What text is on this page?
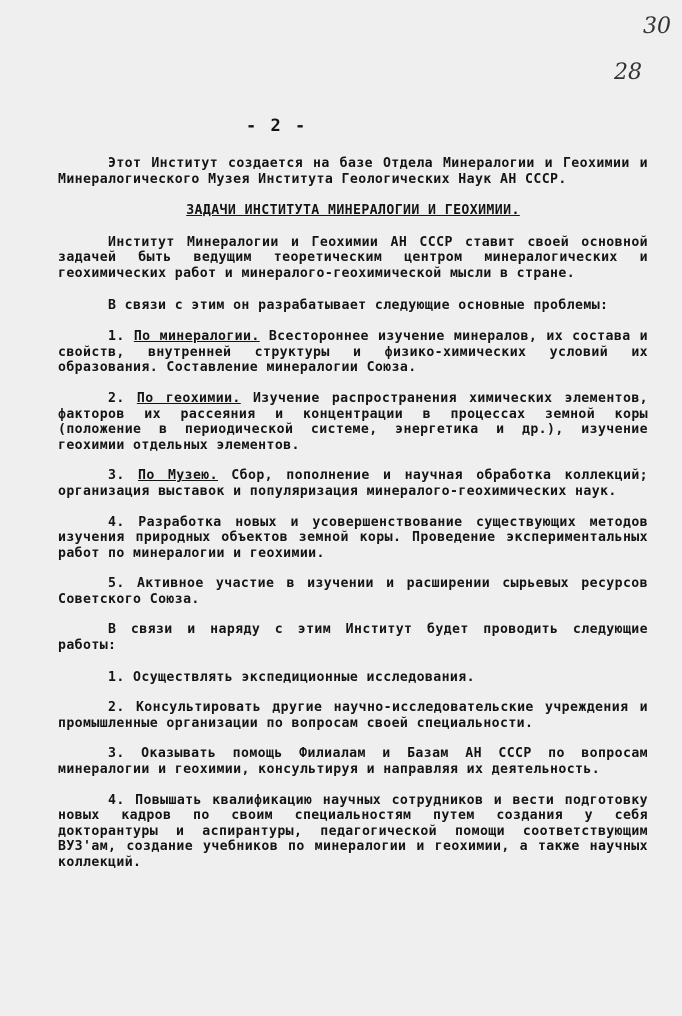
30
28
- 2 -

Этот Институт создается на базе Отдела Минералогии и Геохимии и Минералогического Музея Института Геологических Наук АН СССР.

ЗАДАЧИ ИНСТИТУТА МИНЕРАЛОГИИ И ГЕОХИМИИ.

Институт Минералогии и Геохимии АН СССР ставит своей основной задачей быть ведущим теоретическим центром минералогических и геохимических работ и минералого-геохимической мысли в стране.

В связи с этим он разрабатывает следующие основные проблемы:

1. По минералогии. Всестороннее изучение минералов, их состава и свойств, внутренней структуры и физико-химических условий их образования. Составление минералогии Союза.

2. По геохимии. Изучение распространения химических элементов, факторов их рассеяния и концентрации в процессах земной коры (положение в периодической системе, энергетика и др.), изучение геохимии отдельных элементов.

3. По Музею. Сбор, пополнение и научная обработка коллекций; организация выставок и популяризация минералого-геохимических наук.

4. Разработка новых и усовершенствование существующих методов изучения природных объектов земной коры. Проведение экспериментальных работ по минералогии и геохимии.

5. Активное участие в изучении и расширении сырьевых ресурсов Советского Союза.

В связи и наряду с этим Институт будет проводить следующие работы:

1. Осуществлять экспедиционные исследования.

2. Консультировать другие научно-исследовательские учреждения и промышленные организации по вопросам своей специальности.

3. Оказывать помощь Филиалам и Базам АН СССР по вопросам минералогии и геохимии, консультируя и направляя их деятельность.

4. Повышать квалификацию научных сотрудников и вести подготовку новых кадров по своим специальностям путем создания у себя докторантуры и аспирантуры, педагогической помощи соответствующим ВУЗ'ам, создание учебников по минералогии и геохимии, а также научных коллекций.
